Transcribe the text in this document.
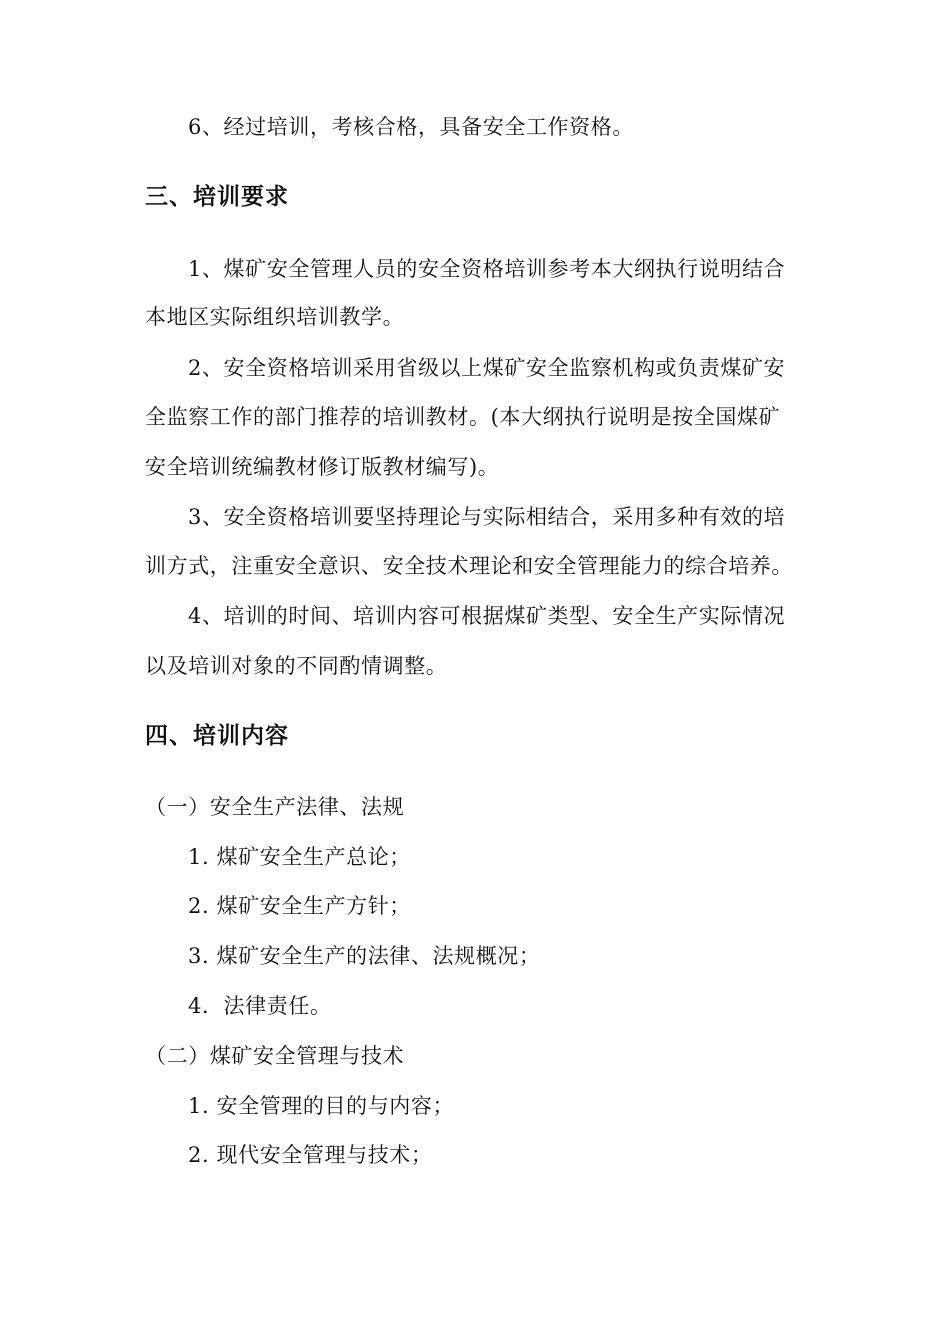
6、经过培训，考核合格，具备安全工作资格。
三、培训要求
1、煤矿安全管理人员的安全资格培训参考本大纲执行说明结合
本地区实际组织培训教学。
2、安全资格培训采用省级以上煤矿安全监察机构或负责煤矿安
全监察工作的部门推荐的培训教材。(本大纲执行说明是按全国煤矿
安全培训统编教材修订版教材编写)。
3、安全资格培训要坚持理论与实际相结合，采用多种有效的培
训方式，注重安全意识、安全技术理论和安全管理能力的综合培养。
4、培训的时间、培训内容可根据煤矿类型、安全生产实际情况
以及培训对象的不同酌情调整。
四、培训内容
（一）安全生产法律、法规
1. 煤矿安全生产总论；
2. 煤矿安全生产方针；
3. 煤矿安全生产的法律、法规概况；
4．法律责任。
（二）煤矿安全管理与技术
1. 安全管理的目的与内容；
2. 现代安全管理与技术；
